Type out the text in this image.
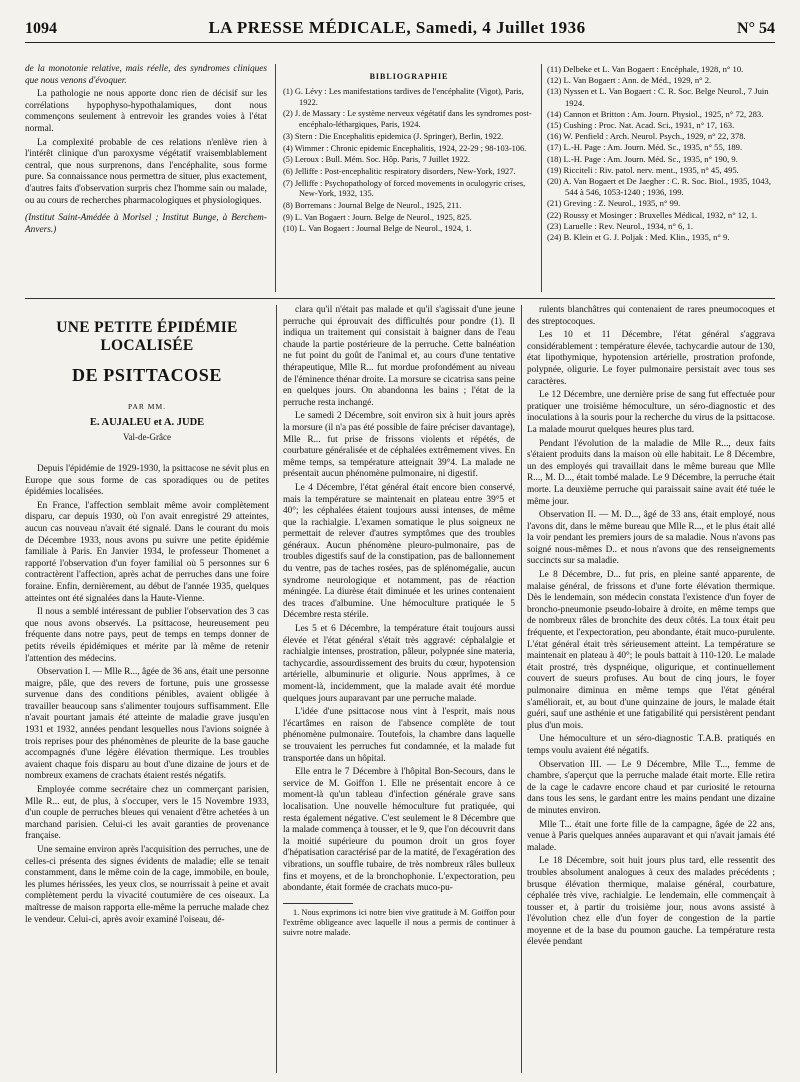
1094	LA PRESSE MÉDICALE, Samedi, 4 Juillet 1936	N° 54

de la monotonie relative, mais réelle, des syndromes cliniques que nous venons d'évoquer.

La pathologie ne nous apporte donc rien de décisif sur les corrélations hypophyso-hypothalamiques, dont nous commençons seulement à entrevoir les grandes voies à l'état normal.

La complexité probable de ces relations n'enlève rien à l'intérêt clinique d'un paroxysme végétatif vraisemblablement central, que nous surprenons, dans l'encéphalite, sous forme pure. Sa connaissance nous permettra de situer, plus exactement, d'autres faits d'observation surpris chez l'homme sain ou malade, ou au cours de recherches pharmacologiques et physiologiques.

(Institut Saint-Amédée à Morlsel ; Institut Bunge, à Berchem-Anvers.)

BIBLIOGRAPHIE

(1) G. Lévy : Les manifestations tardives de l'encéphalite (Vigot), Paris, 1922.

(2) J. de Massary : Le système nerveux végétatif dans les syndromes post-encéphalo-léthargiques, Paris, 1924.

(3) Stern : Die Encephalitis epidemica (J. Springer), Berlin, 1922.

(4) Wimmer : Chronic epidemic Encephalitis, 1924, 22-29 ; 98-103-106.

(5) Leroux : Bull. Mém. Soc. Hôp. Paris, 7 Juillet 1922.

(6) Jelliffe : Post-encephalitic respiratory disorders, New-York, 1927.

(7) Jelliffe : Psychopathology of forced movements in oculogyric crises, New-York, 1932, 135.

(8) Borremans : Journal Belge de Neurol., 1925, 211.

(9) L. Van Bogaert : Journ. Belge de Neurol., 1925, 825.

(10) L. Van Bogaert : Journal Belge de Neurol., 1924, 1.

(11) Delbeke et L. Van Bogaert : Encéphale, 1928, n° 10.

(12) L. Van Bogaert : Ann. de Méd., 1929, n° 2.

(13) Nyssen et L. Van Bogaert : C. R. Soc. Belge Neurol., 7 Juin 1924.

(14) Cannon et Britton : Am. Journ. Physiol., 1925, n° 72, 283.

(15) Cushing : Proc. Nat. Acad. Sci., 1931, n° 17, 163.

(16) W. Penfield : Arch. Neurol. Psych., 1929, n° 22, 378.

(17) L.-H. Page : Am. Journ. Méd. Sc., 1935, n° 55, 189.

(18) L.-H. Page : Am. Journ. Méd. Sc., 1935, n° 190, 9.

(19) Ricciteli : Riv. patol. nerv. ment., 1935, n° 45, 495.

(20) A. Van Bogaert et De Jaegher : C. R. Soc. Biol., 1935, 1043, 544 à 546, 1053-1240 ; 1936, 199.

(21) Greving : Z. Neurol., 1935, n° 99.

(22) Roussy et Mosinger : Bruxelles Médical, 1932, n° 12, 1.

(23) Laruelle : Rev. Neurol., 1934, n° 6, 1.

(24) B. Klein et G. J. Poljak : Med. Klin., 1935, n° 9.

UNE PETITE ÉPIDÉMIE LOCALISÉE
DE PSITTACOSE
PAR MM.
E. AUJALEU et A. JUDE
Val-de-Grâce

Depuis l'épidémie de 1929-1930, la psittacose ne sévit plus en Europe que sous forme de cas sporadiques ou de petites épidémies localisées.

En France, l'affection semblait même avoir complètement disparu, car depuis 1930, où l'on avait enregistré 29 atteintes, aucun cas nouveau n'avait été signalé. Dans le courant du mois de Décembre 1933, nous avons pu suivre une petite épidémie familiale à Paris. En Janvier 1934, le professeur Thomenet a rapporté l'observation d'un foyer familial où 5 personnes sur 6 contractèrent l'affection, après achat de perruches dans une foire foraine. Enfin, dernièrement, au début de l'année 1935, quelques atteintes ont été signalées dans la Haute-Vienne.

Il nous a semblé intéressant de publier l'observation des 3 cas que nous avons observés. La psittacose, heureusement peu fréquente dans notre pays, peut de temps en temps donner de petits réveils épidémiques et mérite par là même de retenir l'attention des médecins.

Observation I. — Mlle R..., âgée de 36 ans, était une personne maigre, pâle, que des revers de fortune, puis une grossesse survenue dans des conditions pénibles, avaient obligée à travailler beaucoup sans s'alimenter toujours suffisamment. Elle n'avait pourtant jamais été atteinte de maladie grave jusqu'en 1931 et 1932, années pendant lesquelles nous l'avions soignée à trois reprises pour des phénomènes de pleurite de la base gauche accompagnés d'une légère élévation thermique. Les troubles avaient chaque fois disparu au bout d'une dizaine de jours et de nombreux examens de crachats étaient restés négatifs.

Employée comme secrétaire chez un commerçant parisien, Mlle R... eut, de plus, à s'occuper, vers le 15 Novembre 1933, d'un couple de perruches bleues qui venaient d'être achetées à un marchand parisien. Celui-ci les avait garanties de provenance française.

Une semaine environ après l'acquisition des perruches, une de celles-ci présenta des signes évidents de maladie; elle se tenait constamment, dans le même coin de la cage, immobile, en boule, les plumes hérissées, les yeux clos, se nourrissait à peine et avait complètement perdu la vivacité coutumière de ces oiseaux. La maîtresse de maison rapporta elle-même la perruche malade chez le vendeur. Celui-ci, après avoir examiné l'oiseau, dé-

clara qu'il n'était pas malade et qu'il s'agissait d'une jeune perruche qui éprouvait des difficultés pour pondre (1). Il indiqua un traitement qui consistait à baigner dans de l'eau chaude la partie postérieure de la perruche. Cette balnéation ne fut point du goût de l'animal et, au cours d'une tentative thérapeutique, Mlle R... fut mordue profondément au niveau de l'éminence thénar droite. La morsure se cicatrisa sans peine en quelques jours. On abandonna les bains ; l'état de la perruche resta inchangé.

Le samedi 2 Décembre, soit environ six à huit jours après la morsure (il n'a pas été possible de faire préciser davantage), Mlle R... fut prise de frissons violents et répétés, de courbature généralisée et de céphalées extrêmement vives. En même temps, sa température atteignait 39°4. La malade ne présentait aucun phénomène pulmonaire, ni digestif.

Le 4 Décembre, l'état général était encore bien conservé, mais la température se maintenait en plateau entre 39°5 et 40°; les céphalées étaient toujours aussi intenses, de même que la rachialgie. L'examen somatique le plus soigneux ne permettait de relever d'autres symptômes que des troubles généraux. Aucun phénomène pleuro-pulmonaire, pas de troubles digestifs sauf de la constipation, pas de ballonnement du ventre, pas de taches rosées, pas de splénomégalie, aucun syndrome neurologique et notamment, pas de réaction méningée. La diurèse était diminuée et les urines contenaient des traces d'albumine. Une hémoculture pratiquée le 5 Décembre resta stérile.

Les 5 et 6 Décembre, la température était toujours aussi élevée et l'état général s'était très aggravé: céphalalgie et rachialgie intenses, prostration, pâleur, polypnée sine materia, tachycardie, assourdissement des bruits du cœur, hypotension artérielle, albuminurie et oligurie. Nous apprîmes, à ce moment-là, incidemment, que la malade avait été mordue quelques jours auparavant par une perruche malade.

L'idée d'une psittacose nous vint à l'esprit, mais nous l'écartâmes en raison de l'absence complète de tout phénomène pulmonaire. Toutefois, la chambre dans laquelle se trouvaient les perruches fut condamnée, et la malade fut transportée dans un hôpital.

Elle entra le 7 Décembre à l'hôpital Bon-Secours, dans le service de M. Goiffon 1. Elle ne présentait encore à ce moment-là qu'un tableau d'infection générale grave sans localisation. Une nouvelle hémoculture fut pratiquée, qui resta également négative. C'est seulement le 8 Décembre que la malade commença à tousser, et le 9, que l'on découvrit dans la moitié supérieure du poumon droit un gros foyer d'hépatisation caractérisé par de la matité, de l'exagération des vibrations, un souffle tubaire, de très nombreux râles bulleux fins et moyens, et de la bronchophonie. L'expectoration, peu abondante, était formée de crachats muco-pu-

1. Nous exprimons ici notre bien vive gratitude à M. Goiffon pour l'extrême obligeance avec laquelle il nous a permis de continuer à suivre notre malade.

rulents blanchâtres qui contenaient de rares pneumocoques et des streptocoques.

Les 10 et 11 Décembre, l'état général s'aggrava considérablement : température élevée, tachycardie autour de 130, état lipothymique, hypotension artérielle, prostration profonde, polypnée, oligurie. Le foyer pulmonaire persistait avec tous ses caractères.

Le 12 Décembre, une dernière prise de sang fut effectuée pour pratiquer une troisième hémoculture, un séro-diagnostic et des inoculations à la souris pour la recherche du virus de la psittacose. La malade mourut quelques heures plus tard.

Pendant l'évolution de la maladie de Mlle R..., deux faits s'étaient produits dans la maison où elle habitait. Le 8 Décembre, un des employés qui travaillait dans le même bureau que Mlle R..., M. D..., était tombé malade. Le 9 Décembre, la perruche était morte. La deuxième perruche qui paraissait saine avait été tuée le même jour.

Observation II. — M. D..., âgé de 33 ans, était employé, nous l'avons dit, dans le même bureau que Mlle R..., et le plus était allé la voir pendant les premiers jours de sa maladie. Nous n'avons pas soigné nous-mêmes D.. et nous n'avons que des renseignements succincts sur sa maladie.

Le 8 Décembre, D... fut pris, en pleine santé apparente, de malaise général, de frissons et d'une forte élévation thermique. Dès le lendemain, son médecin constata l'existence d'un foyer de broncho-pneumonie pseudo-lobaire à droite, en même temps que de nombreux râles de bronchite des deux côtés. La toux était peu fréquente, et l'expectoration, peu abondante, était muco-purulente. L'état général était très sérieusement atteint. La température se maintenait en plateau à 40°; le pouls battait à 110-120. Le malade était prostré, très dyspnéique, oligurique, et continuellement couvert de sueurs profuses. Au bout de cinq jours, le foyer pulmonaire diminua en même temps que l'état général s'améliorait, et, au bout d'une quinzaine de jours, le malade était guéri, sauf une asthénie et une fatigabilité qui persistèrent pendant plus d'un mois.

Une hémoculture et un séro-diagnostic T.A.B. pratiqués en temps voulu avaient été négatifs.

Observation III. — Le 9 Décembre, Mlle T..., femme de chambre, s'aperçut que la perruche malade était morte. Elle retira de la cage le cadavre encore chaud et par curiosité le retourna dans tous les sens, le gardant entre les mains pendant une dizaine de minutes environ.

Mlle T... était une forte fille de la campagne, âgée de 22 ans, venue à Paris quelques années auparavant et qui n'avait jamais été malade.

Le 18 Décembre, soit huit jours plus tard, elle ressentit des troubles absolument analogues à ceux des malades précédents ; brusque élévation thermique, malaise général, courbature, céphalée très vive, rachialgie. Le lendemain, elle commençait à tousser et, à partir du troisième jour, nous avons assisté à l'évolution chez elle d'un foyer de congestion de la partie moyenne et de la base du poumon gauche. La température resta élevée pendant
